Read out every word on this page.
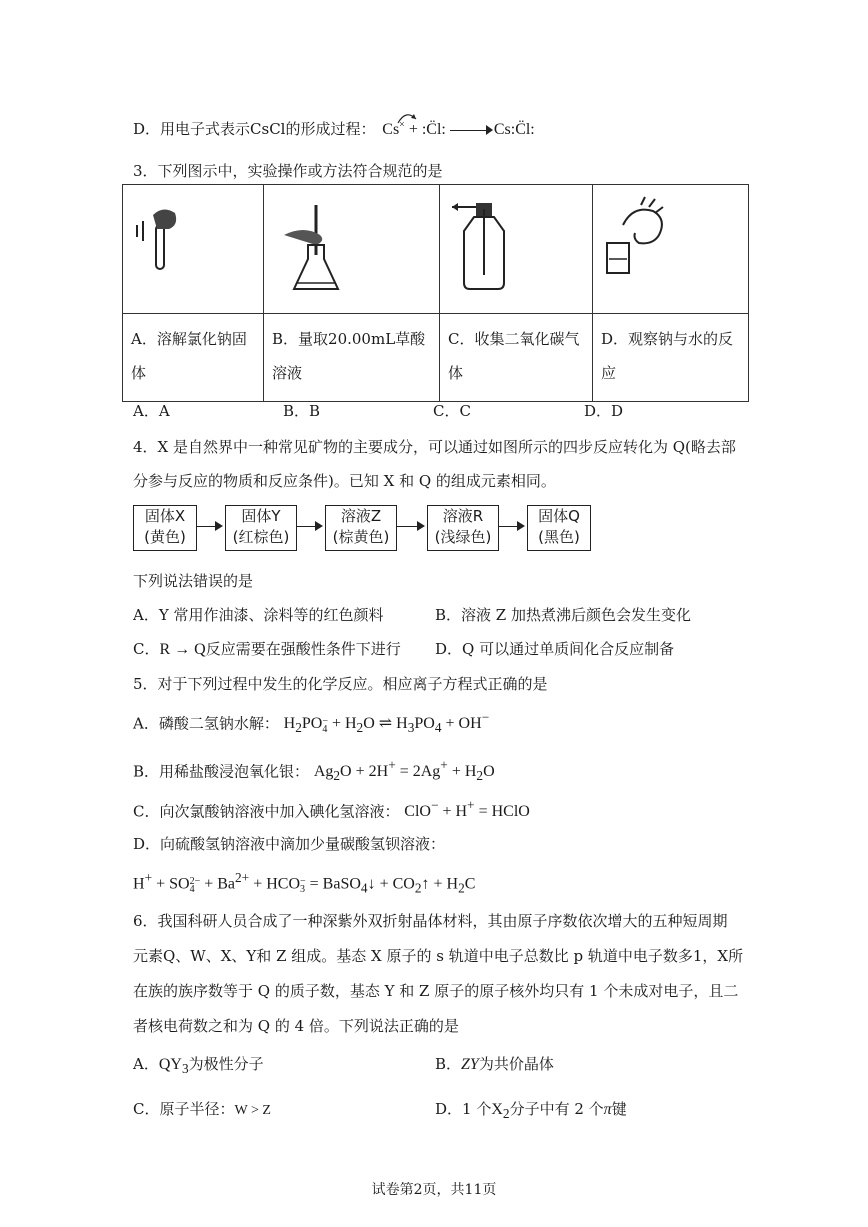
D．用电子式表示CsCl的形成过程： Cs×
+ :C̈l:	Cs:C̈l:
3．下列图示中，实验操作或方法符合规范的是

A．溶解氯化钠固体	B．量取20.00mL草酸溶液	C．收集二氧化碳气体	D．观察钠与水的反应
A．A	B．B	C．C	D．D
4．X 是自然界中一种常见矿物的主要成分，可以通过如图所示的四步反应转化为 Q(略去部
分参与反应的物质和反应条件)。已知 X 和 Q 的组成元素相同。
固体X
(黄色)
固体Y
(红棕色)
溶液Z
(棕黄色)
溶液R
(浅绿色)
固体Q
(黑色)
下列说法错误的是
A．Y 常用作油漆、涂料等的红色颜料	B．溶液 Z 加热煮沸后颜色会发生变化
C．R → Q反应需要在强酸性条件下进行 D．Q 可以通过单质间化合反应制备
5．对于下列过程中发生的化学反应。相应离子方程式正确的是
A．磷酸二氢钠水解： $H_2PO-$
$4 + H_2O$ ⇌ $H_3PO_4 + OH^-$
B．用稀盐酸浸泡氧化银： $Ag_2O + 2H^+ = 2Ag^+ + H_2O$
C．向次氯酸钠溶液中加入碘化氢溶液： ClO− + H+ = HClO
D．向硫酸氢钠溶液中滴加少量碳酸氢钡溶液：
H+ + SO2−
$4 + Ba^{2+} + HCO-$
3 = BaSO$_4$↓ + $CO_2↑ + H_2C$
6．我国科研人员合成了一种深紫外双折射晶体材料，其由原子序数依次增大的五种短周期
元素Q、W、X、Y和 Z 组成。基态 X 原子的 s 轨道中电子总数比 p 轨道中电子数多1，X所
在族的族序数等于 Q 的质子数，基态 Y 和 Z 原子的原子核外均只有 1 个未成对电子，且二
者核电荷数之和为 Q 的 4 倍。下列说法正确的是
A．$QY_3$为极性分子	B．ZY为共价晶体
C．原子半径：W > Z	D．1 个$X_2$分子中有 2 个π键
试卷第2页，共11页
